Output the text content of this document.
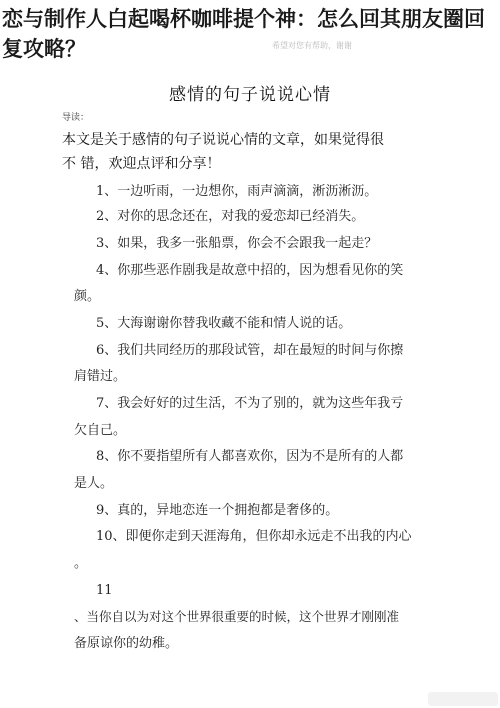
恋与制作人白起喝杯咖啡提个神：怎么回其朋友圈回复攻略？	希望对您有帮助，谢谢
感情的句子说说心情
导读：
本文是关于感情的句子说说心情的文章，如果觉得很
不 错，欢迎点评和分享！
1、一边听雨，一边想你，雨声滴滴，淅沥淅沥。
2、对你的思念还在，对我的爱恋却已经消失。
3、如果，我多一张船票，你会不会跟我一起走？
4、你那些恶作剧我是故意中招的，因为想看见你的笑
颜。
5、大海谢谢你替我收藏不能和情人说的话。
6、我们共同经历的那段试管，却在最短的时间与你擦
肩错过。
7、我会好好的过生活，不为了别的，就为这些年我亏
欠自己。
8、你不要指望所有人都喜欢你，因为不是所有的人都
是人。
9、真的，异地恋连一个拥抱都是奢侈的。
10、即便你走到天涯海角，但你却永远走不出我的内心
。
11
、当你自以为对这个世界很重要的时候，这个世界才刚刚准
备原谅你的幼稚。
